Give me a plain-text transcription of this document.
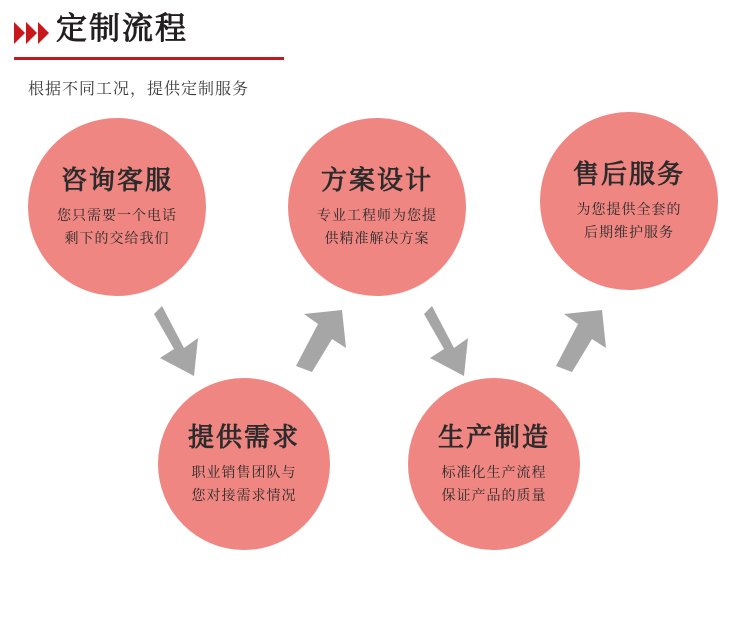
定制流程
根据不同工况，提供定制服务
咨询客服
您只需要一个电话
剩下的交给我们
方案设计
专业工程师为您提
供精准解决方案
售后服务
为您提供全套的
后期维护服务
提供需求
职业销售团队与
您对接需求情况
生产制造
标准化生产流程
保证产品的质量
